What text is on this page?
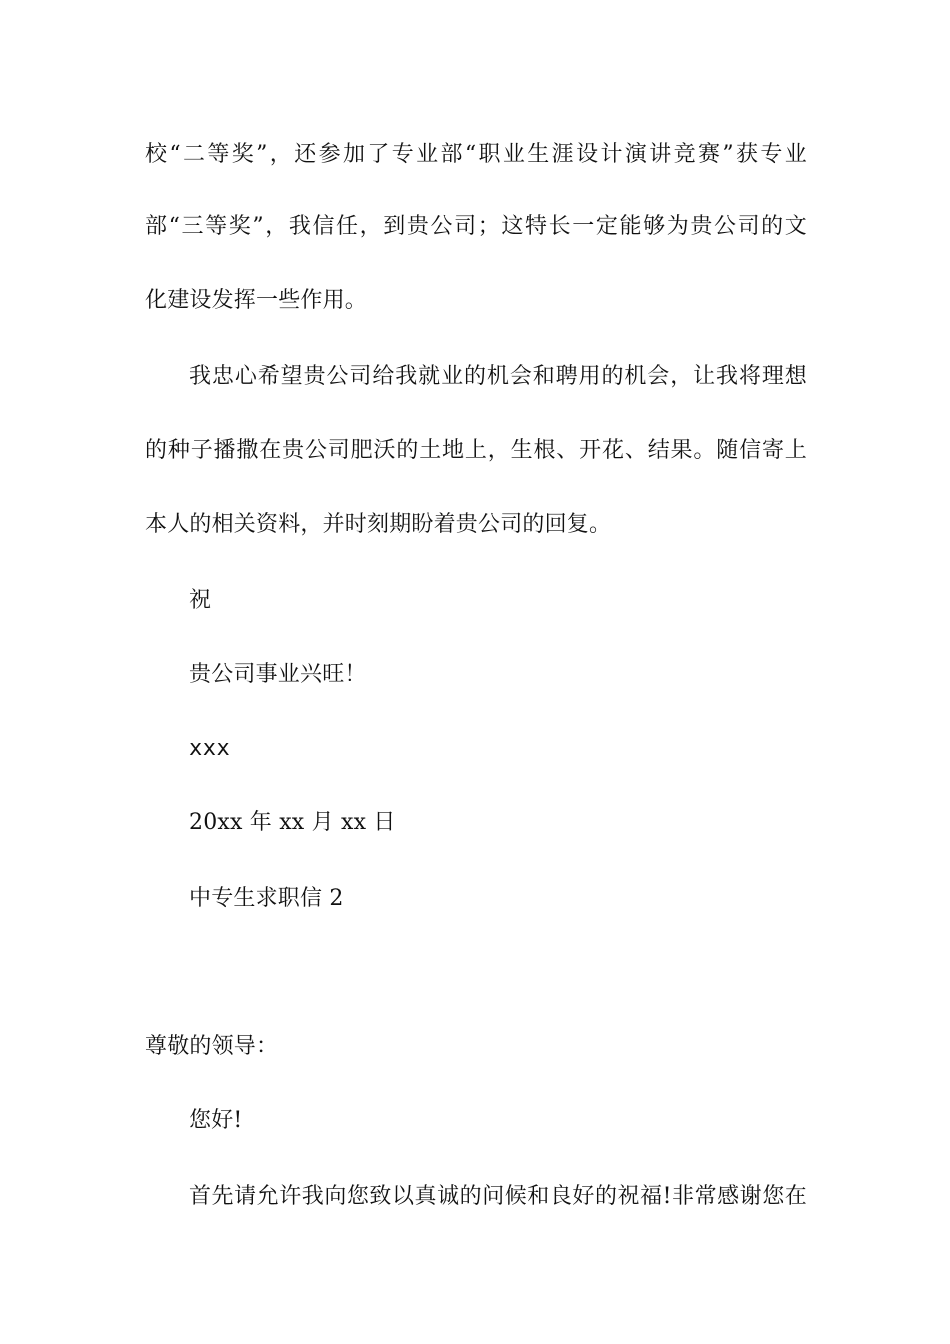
校“二等奖”，还参加了专业部“职业生涯设计演讲竞赛”获专业
部“三等奖”，我信任，到贵公司；这特长一定能够为贵公司的文
化建设发挥一些作用。
我忠心希望贵公司给我就业的机会和聘用的机会，让我将理想
的种子播撒在贵公司肥沃的土地上，生根、开花、结果。随信寄上
本人的相关资料，并时刻期盼着贵公司的回复。
祝
贵公司事业兴旺！
xxx
20xx 年 xx 月 xx 日
中专生求职信 2
尊敬的领导：
您好!
首先请允许我向您致以真诚的问候和良好的祝福!非常感谢您在
